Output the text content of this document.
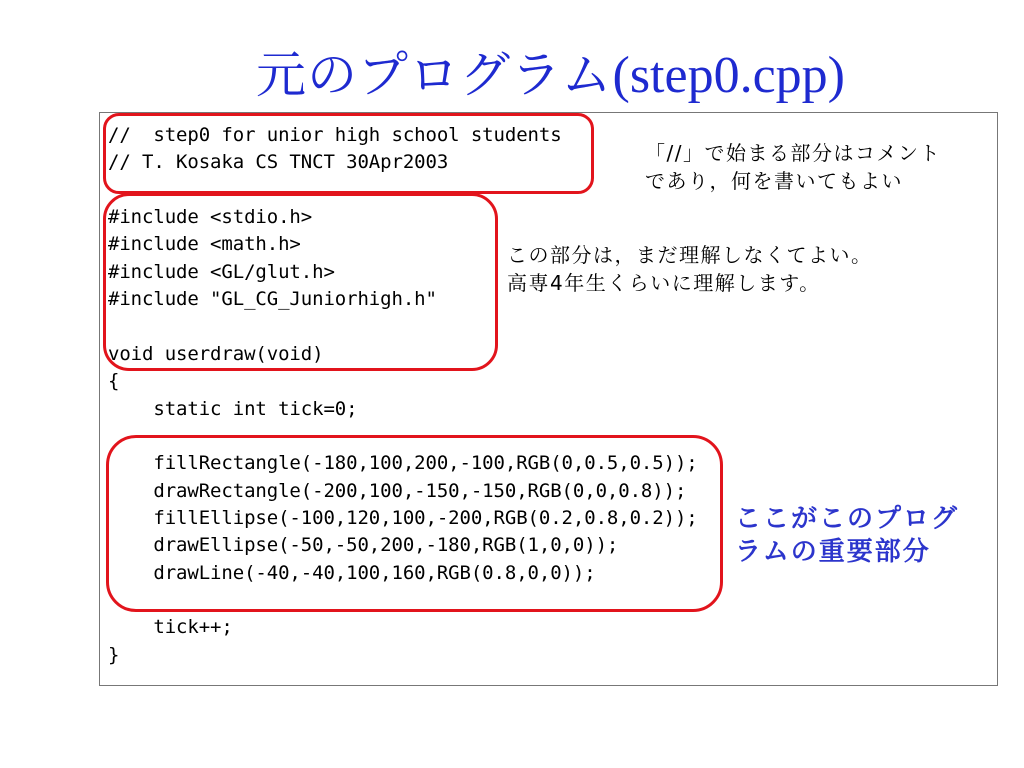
元のプログラム(step0.cpp)
//  step0 for unior high school students
// T. Kosaka CS TNCT 30Apr2003
#include <stdio.h>
#include <math.h>
#include <GL/glut.h>
#include "GL_CG_Juniorhigh.h"
void userdraw(void)
{
static int tick=0;
fillRectangle(-180,100,200,-100,RGB(0,0.5,0.5));
drawRectangle(-200,100,-150,-150,RGB(0,0,0.8));
fillEllipse(-100,120,100,-200,RGB(0.2,0.8,0.2));
drawEllipse(-50,-50,200,-180,RGB(1,0,0));
drawLine(-40,-40,100,160,RGB(0.8,0,0));
tick++;
}
「//」で始まる部分はコメント
であり，何を書いてもよい
この部分は，まだ理解しなくてよい。
高専4年生くらいに理解します。
ここがこのプログ
ラムの重要部分
